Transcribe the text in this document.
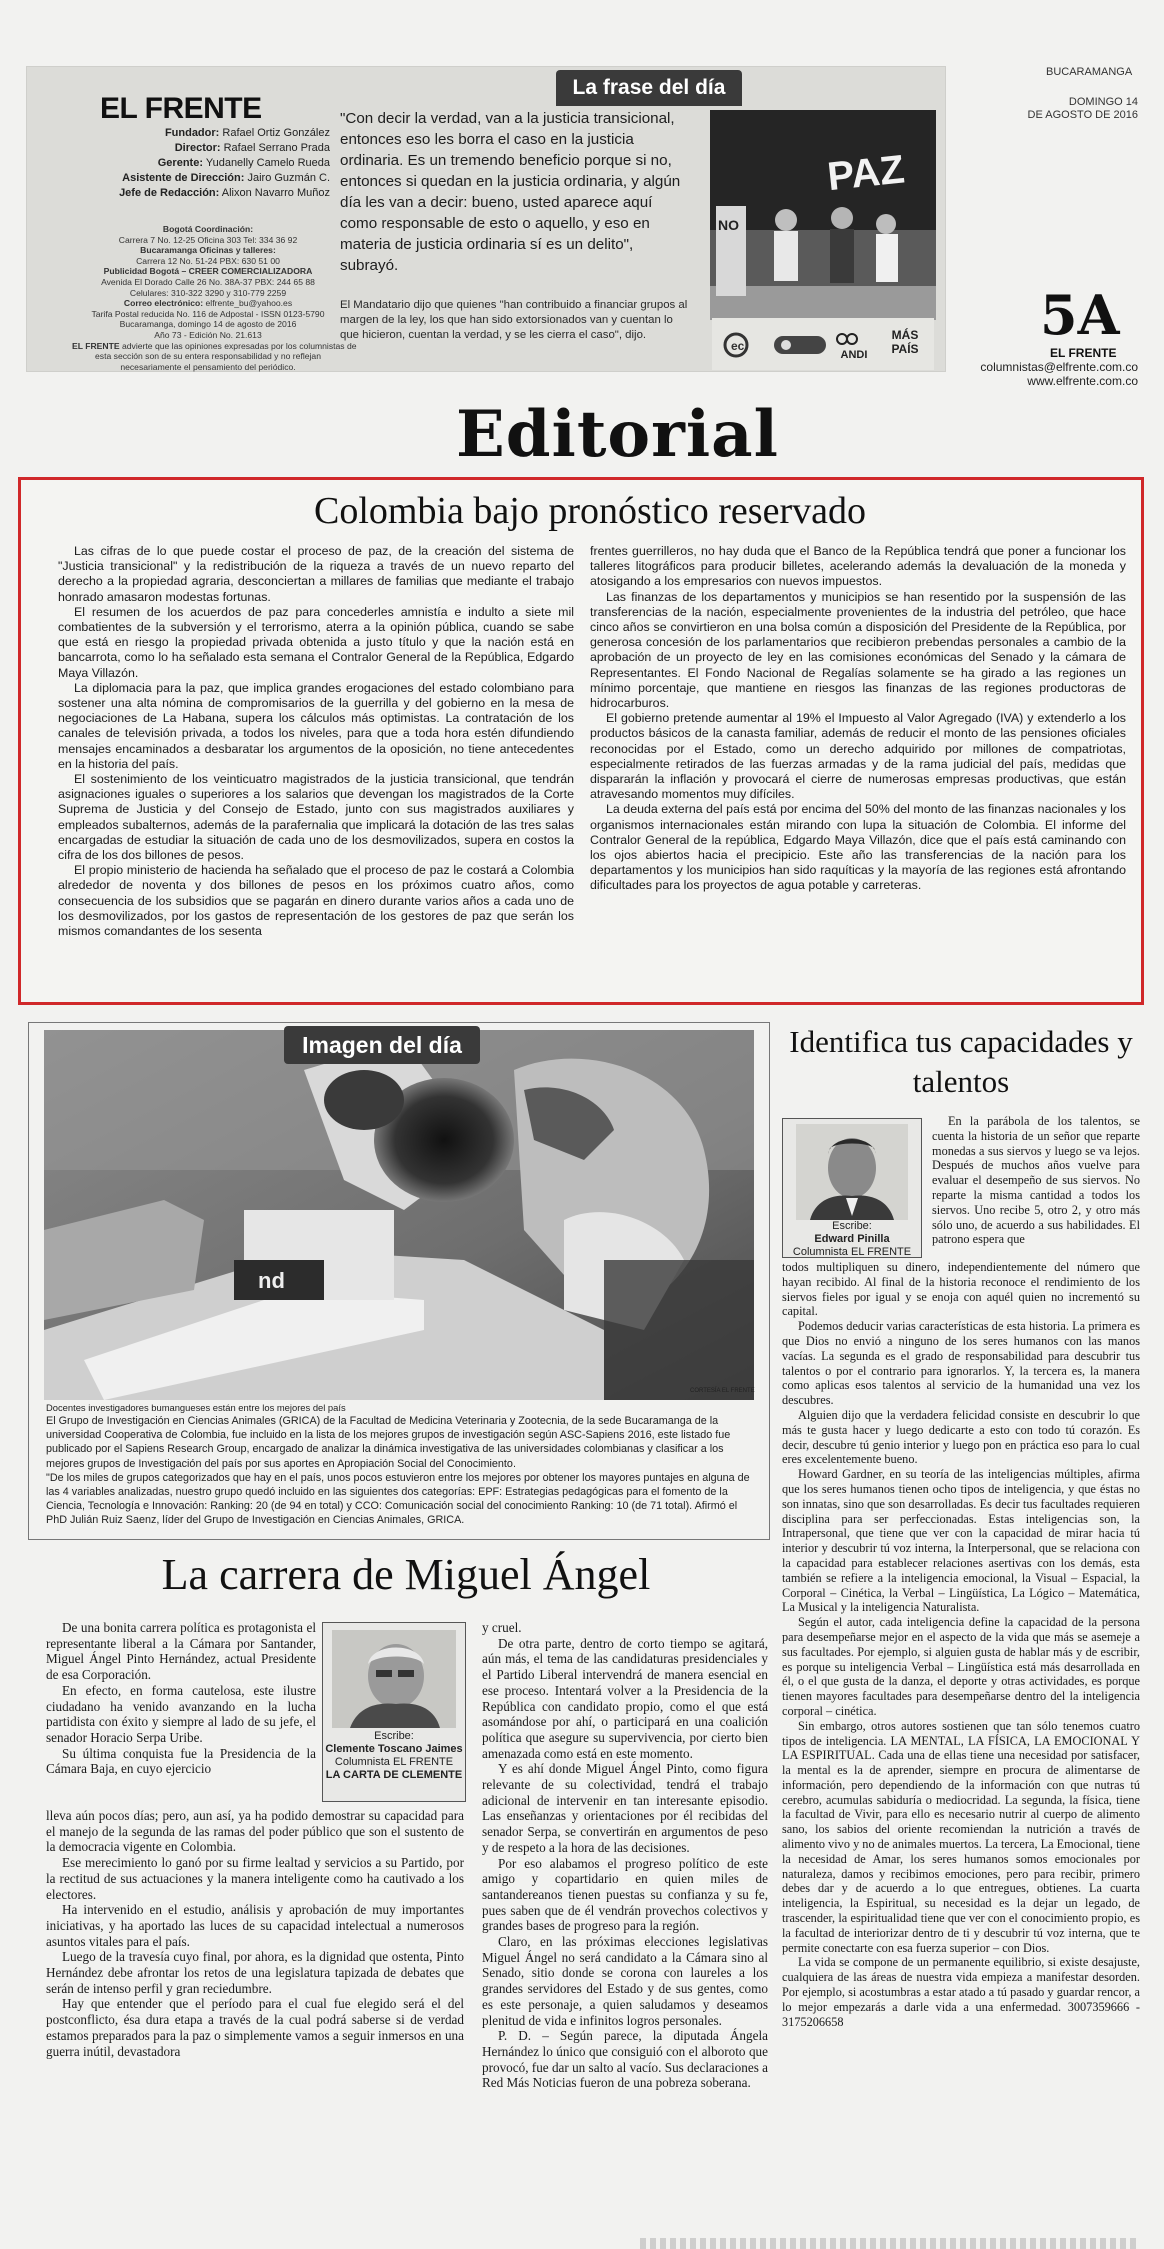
EL FRENTE
Fundador: Rafael Ortiz González
Director: Rafael Serrano Prada
Gerente: Yudanelly Camelo Rueda
Asistente de Dirección: Jairo Guzmán C.
Jefe de Redacción: Alixon Navarro Muñoz
Bogotá Coordinación:
Carrera 7 No. 12-25 Oficina 303 Tel: 334 36 92
Bucaramanga Oficinas y talleres:
Carrera 12 No. 51-24 PBX: 630 51 00
Publicidad Bogotá – CREER COMERCIALIZADORA
Avenida El Dorado Calle 26 No. 38A-37 PBX: 244 65 88
Celulares: 310-322 3290 y 310-779 2259
Correo electrónico: elfrente_bu@yahoo.es
Tarifa Postal reducida No. 116 de Adpostal - ISSN 0123-5790
Bucaramanga, domingo 14 de agosto de 2016
Año 73 - Edición No. 21.613
EL FRENTE advierte que las opiniones expresadas por los columnistas de
esta sección son de su entera responsabilidad y no reflejan
necesariamente el pensamiento del periódico.
La frase del día
"Con decir la verdad, van a la justicia transicional, entonces eso les borra el caso en la justicia ordinaria. Es un tremendo beneficio porque si no, entonces si quedan en la justicia ordinaria, y algún día les van a decir: bueno, usted aparece aquí como responsable de esto o aquello, y eso en materia de justicia ordinaria sí es un delito", subrayó.
El Mandatario dijo que quienes "han contribuido a financiar grupos al margen de la ley, los que han sido extorsionados van y cuentan lo que hicieron, cuentan la verdad, y se les cierra el caso", dijo.
PAZ
NO
ec
ANDI
MÁS PAÍS
BUCARAMANGA
DOMINGO 14
DE AGOSTO DE 2016
5A
EL FRENTE
columnistas@elfrente.com.co
www.elfrente.com.co
Editorial
Colombia bajo pronóstico reservado
Las cifras de lo que puede costar el proceso de paz, de la creación del sistema de "Justicia transicional" y la redistribución de la riqueza a través de un nuevo reparto del derecho a la propiedad agraria, desconciertan a millares de familias que mediante el trabajo honrado amasaron modestas fortunas.
El resumen de los acuerdos de paz para concederles amnistía e indulto a siete mil combatientes de la subversión y el terrorismo, aterra a la opinión pública, cuando se sabe que está en riesgo la propiedad privada obtenida a justo título y que la nación está en bancarrota, como lo ha señalado esta semana el Contralor General de la República, Edgardo Maya Villazón.
La diplomacia para la paz, que implica grandes erogaciones del estado colombiano para sostener una alta nómina de compromisarios de la guerrilla y del gobierno en la mesa de negociaciones de La Habana, supera los cálculos más optimistas. La contratación de los canales de televisión privada, a todos los niveles, para que a toda hora estén difundiendo mensajes encaminados a desbaratar los argumentos de la oposición, no tiene antecedentes en la historia del país.
El sostenimiento de los veinticuatro magistrados de la justicia transicional, que tendrán asignaciones iguales o superiores a los salarios que devengan los magistrados de la Corte Suprema de Justicia y del Consejo de Estado, junto con sus magistrados auxiliares y empleados subalternos, además de la parafernalia que implicará la dotación de las tres salas encargadas de estudiar la situación de cada uno de los desmovilizados, supera en costos la cifra de los dos billones de pesos.
El propio ministerio de hacienda ha señalado que el proceso de paz le costará a Colombia alrededor de noventa y dos billones de pesos en los próximos cuatro años, como consecuencia de los subsidios que se pagarán en dinero durante varios años a cada uno de los desmovilizados, por los gastos de representación de los gestores de paz que serán los mismos comandantes de los sesenta
frentes guerrilleros, no hay duda que el Banco de la República tendrá que poner a funcionar los talleres litográficos para producir billetes, acelerando además la devaluación de la moneda y atosigando a los empresarios con nuevos impuestos.
Las finanzas de los departamentos y municipios se han resentido por la suspensión de las transferencias de la nación, especialmente provenientes de la industria del petróleo, que hace cinco años se convirtieron en una bolsa común a disposición del Presidente de la República, por generosa concesión de los parlamentarios que recibieron prebendas personales a cambio de la aprobación de un proyecto de ley en las comisiones económicas del Senado y la cámara de Representantes. El Fondo Nacional de Regalías solamente se ha girado a las regiones un mínimo porcentaje, que mantiene en riesgos las finanzas de las regiones productoras de hidrocarburos.
El gobierno pretende aumentar al 19% el Impuesto al Valor Agregado (IVA) y extenderlo a los productos básicos de la canasta familiar, además de reducir el monto de las pensiones oficiales reconocidas por el Estado, como un derecho adquirido por millones de compatriotas, especialmente retirados de las fuerzas armadas y de la rama judicial del país, medidas que dispararán la inflación y provocará el cierre de numerosas empresas productivas, que están atravesando momentos muy difíciles.
La deuda externa del país está por encima del 50% del monto de las finanzas nacionales y los organismos internacionales están mirando con lupa la situación de Colombia. El informe del Contralor General de la república, Edgardo Maya Villazón, dice que el país está caminando con los ojos abiertos hacia el precipicio. Este año las transferencias de la nación para los departamentos y los municipios han sido raquíticas y la mayoría de las regiones está afrontando dificultades para los proyectos de agua potable y carreteras.
nd
Imagen del día
CORTESÍA EL FRENTE
Docentes investigadores bumangueses están entre los mejores del país
El Grupo de Investigación en Ciencias Animales (GRICA) de la Facultad de Medicina Veterinaria y Zootecnia, de la sede Bucaramanga de la universidad Cooperativa de Colombia, fue incluido en la lista de los mejores grupos de investigación según ASC-Sapiens 2016, este listado fue publicado por el Sapiens Research Group, encargado de analizar la dinámica investigativa de las universidades colombianas y clasificar a los mejores grupos de Investigación del país por sus aportes en Apropiación Social del Conocimiento.
"De los miles de grupos categorizados que hay en el país, unos pocos estuvieron entre los mejores por obtener los mayores puntajes en alguna de las 4 variables analizadas, nuestro grupo quedó incluido en las siguientes dos categorías: EPF: Estrategias pedagógicas para el fomento de la Ciencia, Tecnología e Innovación: Ranking: 20 (de 94 en total) y CCO: Comunicación social del conocimiento Ranking: 10 (de 71 total). Afirmó el PhD Julián Ruiz Saenz, líder del Grupo de Investigación en Ciencias Animales, GRICA.
Identifica tus capacidades y talentos
Escribe:
Edward Pinilla
Columnista EL FRENTE
En la parábola de los talentos, se cuenta la historia de un señor que reparte monedas a sus siervos y luego se va lejos. Después de muchos años vuelve para evaluar el desempeño de sus siervos. No reparte la misma cantidad a todos los siervos. Uno recibe 5, otro 2, y otro más sólo uno, de acuerdo a sus habilidades. El patrono espera que
todos multipliquen su dinero, independientemente del número que hayan recibido. Al final de la historia reconoce el rendimiento de los siervos fieles por igual y se enoja con aquél quien no incrementó su capital.
Podemos deducir varias características de esta historia. La primera es que Dios no envió a ninguno de los seres humanos con las manos vacías. La segunda es el grado de responsabilidad para descubrir tus talentos o por el contrario para ignorarlos. Y, la tercera es, la manera como aplicas esos talentos al servicio de la humanidad una vez los descubres.
Alguien dijo que la verdadera felicidad consiste en descubrir lo que más te gusta hacer y luego dedicarte a esto con todo tú corazón. Es decir, descubre tú genio interior y luego pon en práctica eso para lo cual eres excelentemente bueno.
Howard Gardner, en su teoría de las inteligencias múltiples, afirma que los seres humanos tienen ocho tipos de inteligencia, y que éstas no son innatas, sino que son desarrolladas. Es decir tus facultades requieren disciplina para ser perfeccionadas. Estas inteligencias son, la Intrapersonal, que tiene que ver con la capacidad de mirar hacia tú interior y descubrir tú voz interna, la Interpersonal, que se relaciona con la capacidad para establecer relaciones asertivas con los demás, esta también se refiere a la inteligencia emocional, la Visual – Espacial, la Corporal – Cinética, la Verbal – Lingüística, La Lógico – Matemática, La Musical y la inteligencia Naturalista.
Según el autor, cada inteligencia define la capacidad de la persona para desempeñarse mejor en el aspecto de la vida que más se asemeje a sus facultades. Por ejemplo, si alguien gusta de hablar más y de escribir, es porque su inteligencia Verbal – Lingüística está más desarrollada en él, o el que gusta de la danza, el deporte y otras actividades, es porque tienen mayores facultades para desempeñarse dentro del la inteligencia corporal – cinética.
Sin embargo, otros autores sostienen que tan sólo tenemos cuatro tipos de inteligencia. LA MENTAL, LA FÍSICA, LA EMOCIONAL Y LA ESPIRITUAL. Cada una de ellas tiene una necesidad por satisfacer, la mental es la de aprender, siempre en procura de alimentarse de información, pero dependiendo de la información con que nutras tú cerebro, acumulas sabiduría o mediocridad. La segunda, la física, tiene la facultad de Vivir, para ello es necesario nutrir al cuerpo de alimento sano, los sabios del oriente recomiendan la nutrición a través de alimento vivo y no de animales muertos. La tercera, La Emocional, tiene la necesidad de Amar, los seres humanos somos emocionales por naturaleza, damos y recibimos emociones, pero para recibir, primero debes dar y de acuerdo a lo que entregues, obtienes. La cuarta inteligencia, la Espiritual, su necesidad es la dejar un legado, de trascender, la espiritualidad tiene que ver con el conocimiento propio, es la facultad de interiorizar dentro de ti y descubrir tú voz interna, que te permite conectarte con esa fuerza superior – con Dios.
La vida se compone de un permanente equilibrio, si existe desajuste, cualquiera de las áreas de nuestra vida empieza a manifestar desorden. Por ejemplo, si acostumbras a estar atado a tú pasado y guardar rencor, a lo mejor empezarás a darle vida a una enfermedad. 3007359666 - 3175206658
La carrera de Miguel Ángel
De una bonita carrera política es protagonista el representante liberal a la Cámara por Santander, Miguel Ángel Pinto Hernández, actual Presidente de esa Corporación.
En efecto, en forma cautelosa, este ilustre ciudadano ha venido avanzando en la lucha partidista con éxito y siempre al lado de su jefe, el senador Horacio Serpa Uribe.
Su última conquista fue la Presidencia de la Cámara Baja, en cuyo ejercicio
Escribe:
Clemente Toscano Jaimes
Columnista EL FRENTE
LA CARTA DE CLEMENTE
lleva aún pocos días; pero, aun así, ya ha podido demostrar su capacidad para el manejo de la segunda de las ramas del poder público que son el sustento de la democracia vigente en Colombia.
Ese merecimiento lo ganó por su firme lealtad y servicios a su Partido, por la rectitud de sus actuaciones y la manera inteligente como ha cautivado a los electores.
Ha intervenido en el estudio, análisis y aprobación de muy importantes iniciativas, y ha aportado las luces de su capacidad intelectual a numerosos asuntos vitales para el país.
Luego de la travesía cuyo final, por ahora, es la dignidad que ostenta, Pinto Hernández debe afrontar los retos de una legislatura tapizada de debates que serán de intenso perfil y gran reciedumbre.
Hay que entender que el período para el cual fue elegido será el del postconflicto, ésa dura etapa a través de la cual podrá saberse si de verdad estamos preparados para la paz o simplemente vamos a seguir inmersos en una guerra inútil, devastadora
y cruel.
De otra parte, dentro de corto tiempo se agitará, aún más, el tema de las candidaturas presidenciales y el Partido Liberal intervendrá de manera esencial en ese proceso. Intentará volver a la Presidencia de la República con candidato propio, como el que está asomándose por ahí, o participará en una coalición política que asegure su supervivencia, por cierto bien amenazada como está en este momento.
Y es ahí donde Miguel Ángel Pinto, como figura relevante de su colectividad, tendrá el trabajo adicional de intervenir en tan interesante episodio. Las enseñanzas y orientaciones por él recibidas del senador Serpa, se convertirán en argumentos de peso y de respeto a la hora de las decisiones.
Por eso alabamos el progreso político de este amigo y copartidario en quien miles de santandereanos tienen puestas su confianza y su fe, pues saben que de él vendrán provechos colectivos y grandes bases de progreso para la región.
Claro, en las próximas elecciones legislativas Miguel Ángel no será candidato a la Cámara sino al Senado, sitio donde se corona con laureles a los grandes servidores del Estado y de sus gentes, como es este personaje, a quien saludamos y deseamos plenitud de vida e infinitos logros personales.
P. D. – Según parece, la diputada Ángela Hernández lo único que consiguió con el alboroto que provocó, fue dar un salto al vacío. Sus declaraciones a Red Más Noticias fueron de una pobreza soberana.
